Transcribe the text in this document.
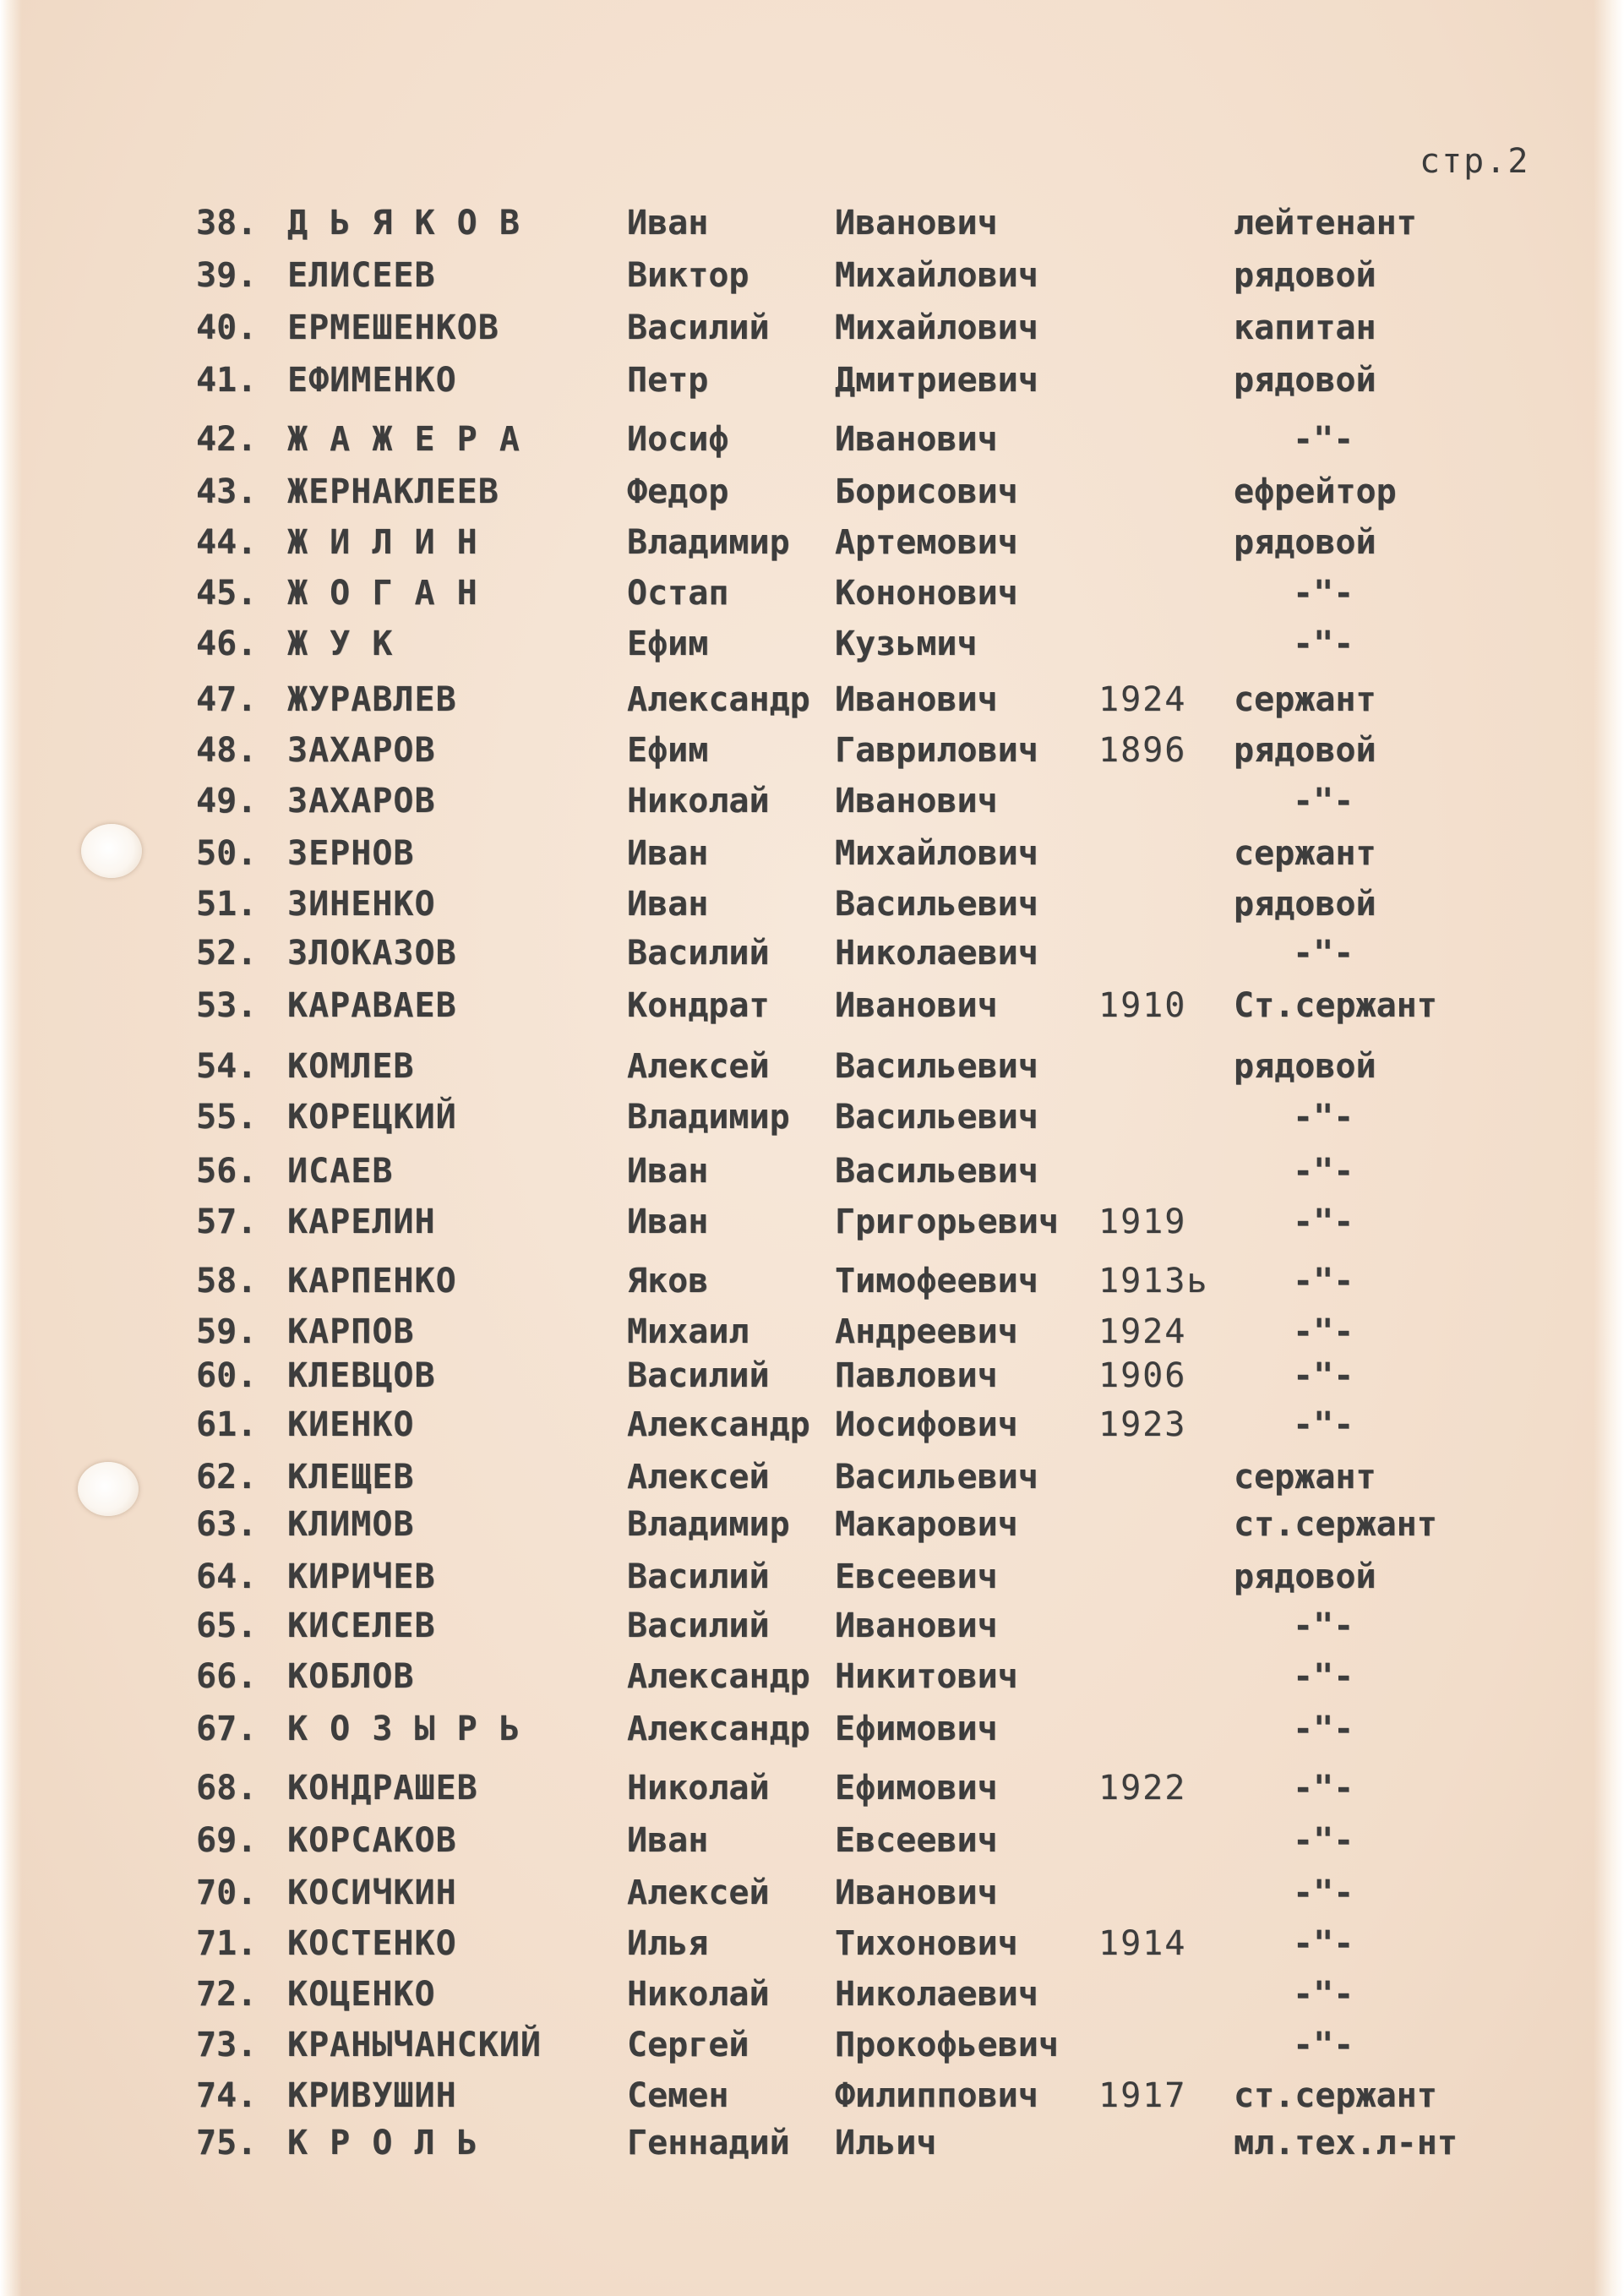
стр.2
38. Д Ь Я К О В	Иван	Иванович	лейтенант
39. ЕЛИСЕЕВ	Виктор	Михайлович	рядовой
40. ЕРМЕШЕНКОВ	Василий Михайлович	капитан
41. ЕФИМЕНКО	Петр	Дмитриевич	рядовой
42. Ж А Ж Е Р А	Иосиф	Иванович	-"-
43. ЖЕРНАКЛЕЕВ	Федор	Борисович	ефрейтор
44. Ж И Л И Н	Владимир Артемович	рядовой
45. Ж О Г А Н	Остап	Кононович	-"-
46. Ж У К	Ефим	Кузьмич	-"-
47. ЖУРАВЛЕВ	Александр Иванович	1924 сержант
48. ЗАХАРОВ	Ефим	Гаврилович 1896 рядовой
49. ЗАХАРОВ	Николай Иванович	-"-
50. ЗЕРНОВ	Иван	Михайлович	сержант
51. ЗИНЕНКО	Иван	Васильевич	рядовой
52. ЗЛОКАЗОВ	Василий Николаевич	-"-
53. КАРАВАЕВ	Кондрат Иванович	1910 Ст.сержант
54. КОМЛЕВ	Алексей Васильевич	рядовой
55. КОРЕЦКИЙ	Владимир Васильевич	-"-
56. ИСАЕВ	Иван	Васильевич	-"-
57. КАРЕЛИН	Иван	Григорьевич 1919	-"-
58. КАРПЕНКО	Яков	Тимофеевич 1913ь -"-
59. КАРПОВ	Михаил	Андреевич 1924	-"-
60. КЛЕВЦОВ	Василий Павлович	1906	-"-
61. КИЕНКО	Александр Иосифович 1923	-"-
62. КЛЕЩЕВ	Алексей Васильевич	сержант
63. КЛИМОВ	Владимир Макарович	ст.сержант
64. КИРИЧЕВ	Василий Евсеевич	рядовой
65. КИСЕЛЕВ	Василий Иванович	-"-
66. КОБЛОВ	Александр Никитович	-"-
67. К О З Ы Р Ь	Александр Ефимович	-"-
68. КОНДРАШЕВ	Николай Ефимович	1922	-"-
69. КОРСАКОВ	Иван	Евсеевич	-"-
70. КОСИЧКИН	Алексей Иванович	-"-
71. КОСТЕНКО	Илья	Тихонович 1914	-"-
72. КОЦЕНКО	Николай Николаевич	-"-
73. КРАНЫЧАНСКИЙ	Сергей	Прокофьевич	-"-
74. КРИВУШИН	Семен	Филиппович 1917 ст.сержант
75. К Р О Л Ь	Геннадий Ильич	мл.тех.л-нт
